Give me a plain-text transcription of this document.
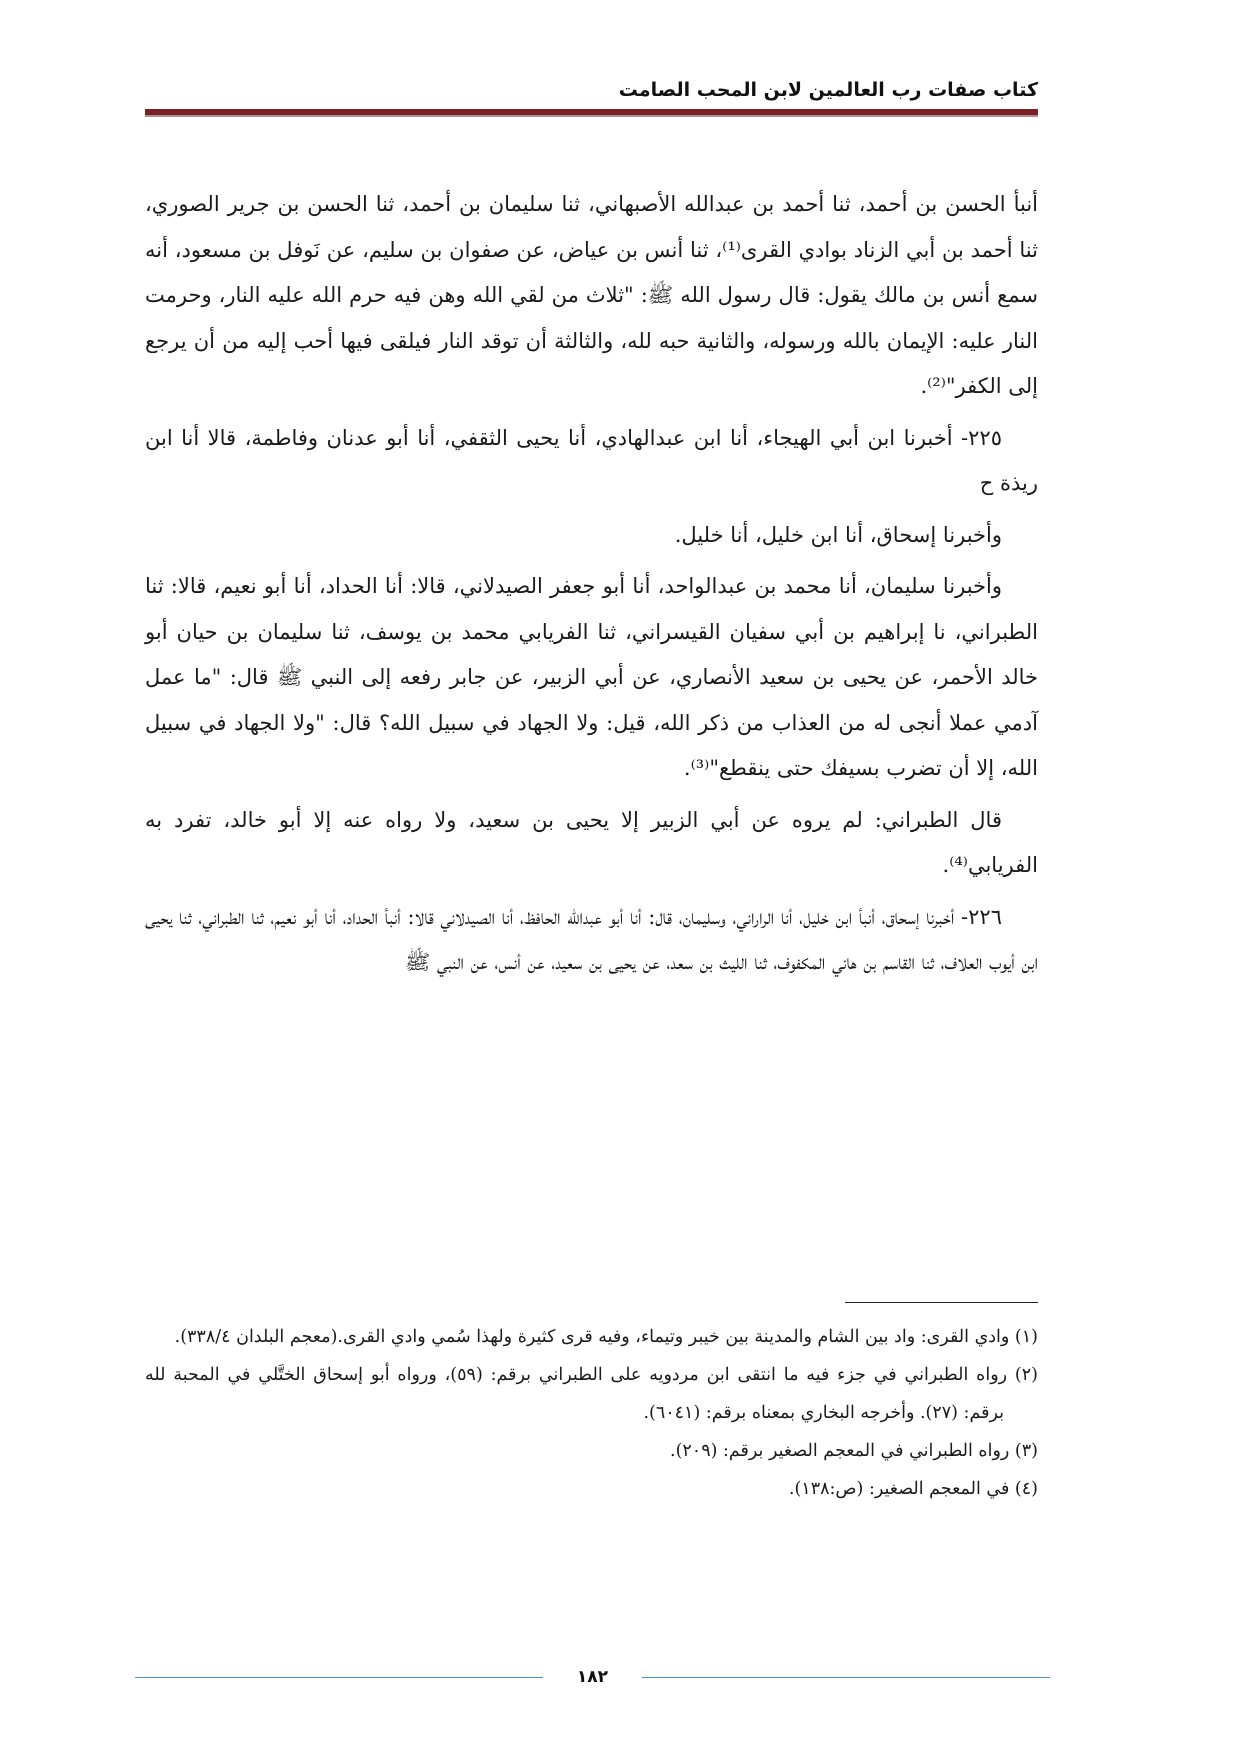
كتاب صفات رب العالمين لابن المحب الصامت

أنبأ الحسن بن أحمد، ثنا أحمد بن عبدالله الأصبهاني، ثنا سليمان بن أحمد، ثنا الحسن بن جرير الصوري، ثنا أحمد بن أبي الزناد بوادي القرى⁽¹⁾، ثنا أنس بن عياض، عن صفوان بن سليم، عن نَوفل بن مسعود، أنه سمع أنس بن مالك يقول: قال رسول الله ﷺ: "ثلاث من لقي الله وهن فيه حرم الله عليه النار، وحرمت النار عليه: الإيمان بالله ورسوله، والثانية حبه لله، والثالثة أن توقد النار فيلقى فيها أحب إليه من أن يرجع إلى الكفر"⁽²⁾.

٢٢٥- أخبرنا ابن أبي الهيجاء، أنا ابن عبدالهادي، أنا يحيى الثقفي، أنا أبو عدنان وفاطمة، قالا أنا ابن ريذة ح

وأخبرنا إسحاق، أنا ابن خليل، أنا خليل.

وأخبرنا سليمان، أنا محمد بن عبدالواحد، أنا أبو جعفر الصيدلاني، قالا: أنا الحداد، أنا أبو نعيم، قالا: ثنا الطبراني، نا إبراهيم بن أبي سفيان القيسراني، ثنا الفريابي محمد بن يوسف، ثنا سليمان بن حيان أبو خالد الأحمر، عن يحيى بن سعيد الأنصاري، عن أبي الزبير، عن جابر رفعه إلى النبي ﷺ قال: "ما عمل آدمي عملا أنجى له من العذاب من ذكر الله، قيل: ولا الجهاد في سبيل الله؟ قال: "ولا الجهاد في سبيل الله، إلا أن تضرب بسيفك حتى ينقطع"⁽³⁾.

قال الطبراني: لم يروه عن أبي الزبير إلا يحيى بن سعيد، ولا رواه عنه إلا أبو خالد، تفرد به الفريابي⁽⁴⁾.

٢٢٦- أخبرنا إسحاق، أنبأ ابن خليل، أنا الراراني، وسليمان، قال: أنا أبو عبدالله الحافظ، أنا الصيدلاني قالا: أنبأ الحداد، أنا أبو نعيم، ثنا الطبراني، ثنا يحيى ابن أيوب العلاف، ثنا القاسم بن هاني المكفوف، ثنا الليث بن سعد، عن يحيى بن سعيد، عن أنس، عن النبي ﷺ

(١) وادي القرى: واد بين الشام والمدينة بين خيبر وتيماء، وفيه قرى كثيرة ولهذا سُمي وادي القرى.(معجم البلدان ٣٣٨/٤).

(٢) رواه الطبراني في جزء فيه ما انتقى ابن مردويه على الطبراني برقم: (٥٩)، ورواه أبو إسحاق الختَّلي في المحبة لله برقم: (٢٧). وأخرجه البخاري بمعناه برقم: (٦٠٤١).

(٣) رواه الطبراني في المعجم الصغير برقم: (٢٠٩).

(٤) في المعجم الصغير: (ص:١٣٨).

١٨٢
